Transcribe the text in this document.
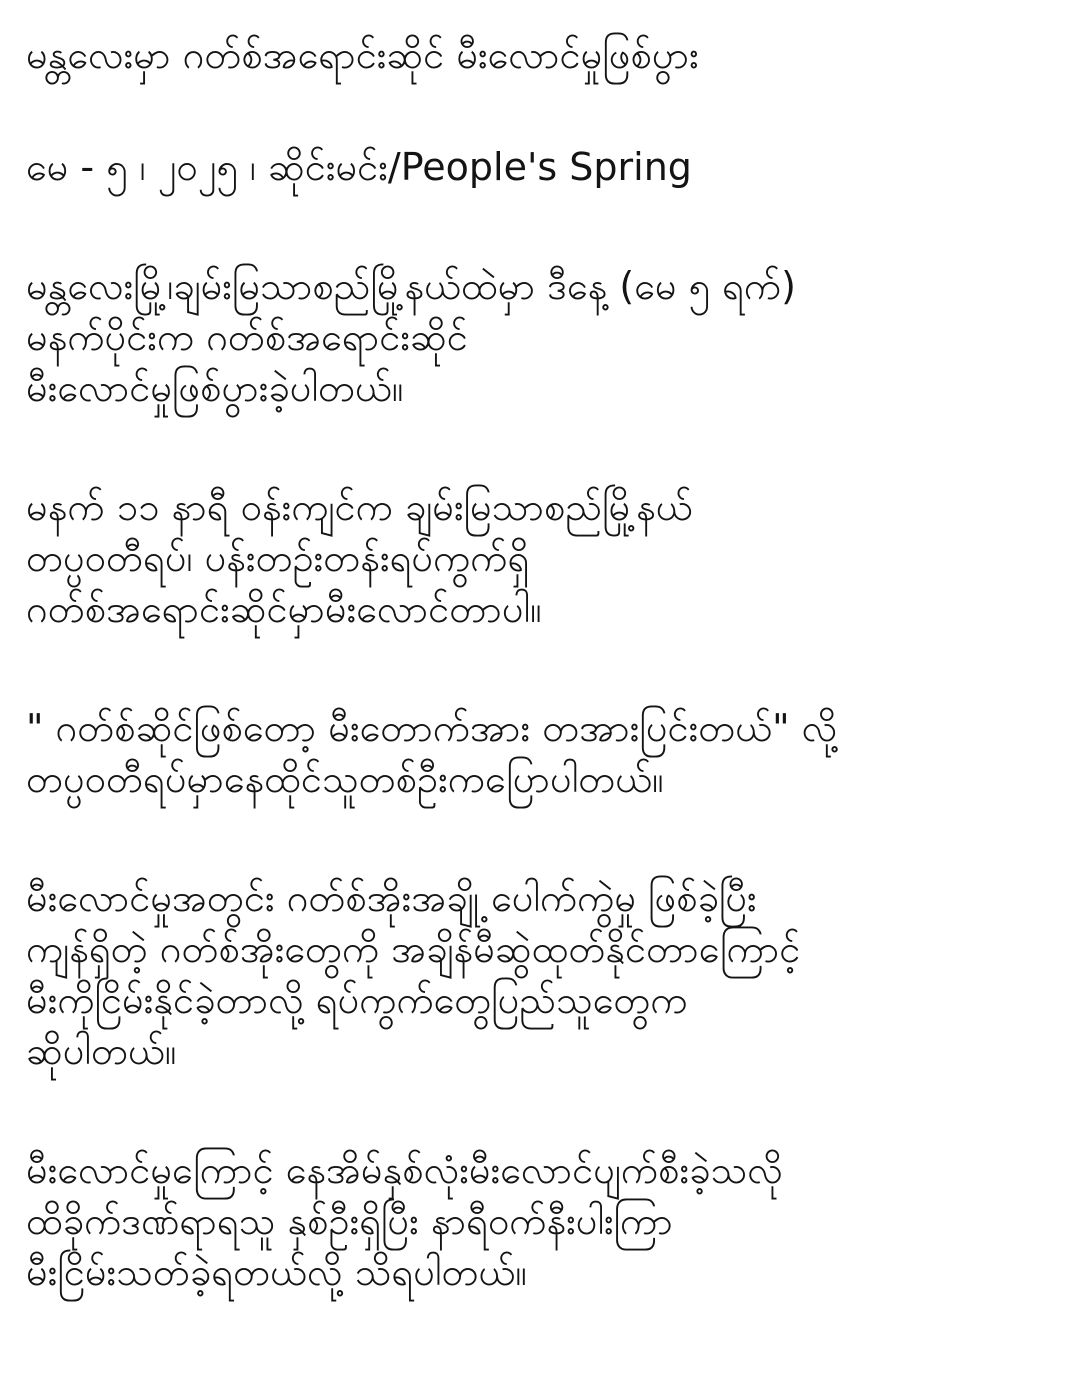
မန္တလေးမှာ ဂတ်စ်အရောင်းဆိုင် မီးလောင်မှုဖြစ်ပွား
မေ - ၅ ၊ ၂၀၂၅ ၊ ဆိုင်းမင်း/People's Spring
မန္တလေးမြို့၊ချမ်းမြသာစည်မြို့နယ်ထဲမှာ ဒီနေ့ (မေ ၅ ရက်)
မနက်ပိုင်းက ဂတ်စ်အရောင်းဆိုင်
မီးလောင်မှုဖြစ်ပွားခဲ့ပါတယ်။
မနက် ၁၁ နာရီ ဝန်းကျင်က ချမ်းမြသာစည်မြို့နယ်
တပ္ပဝတီရပ်၊ ပန်းတဉ်းတန်းရပ်ကွက်ရှိ
ဂတ်စ်အရောင်းဆိုင်မှာမီးလောင်တာပါ။
" ဂတ်စ်ဆိုင်ဖြစ်တော့ မီးတောက်အား တအားပြင်းတယ်" လို့
တပ္ပဝတီရပ်မှာနေထိုင်သူတစ်ဦးကပြောပါတယ်။
မီးလောင်မှုအတွင်း ဂတ်စ်အိုးအချို့ ပေါက်ကွဲမှု ဖြစ်ခဲ့ပြီး
ကျန်ရှိတဲ့ ဂတ်စ်အိုးတွေကို အချိန်မီဆွဲထုတ်နိုင်တာကြောင့်
မီးကိုငြိမ်းနိုင်ခဲ့တာလို့ ရပ်ကွက်တွေပြည်သူတွေက
ဆိုပါတယ်။
မီးလောင်မှုကြောင့် နေအိမ်နှစ်လုံးမီးလောင်ပျက်စီးခဲ့သလို
ထိခိုက်ဒဏ်ရာရသူ နှစ်ဦးရှိပြီး နာရီဝက်နီးပါးကြာ
မီးငြိမ်းသတ်ခဲ့ရတယ်လို့ သိရပါတယ်။
